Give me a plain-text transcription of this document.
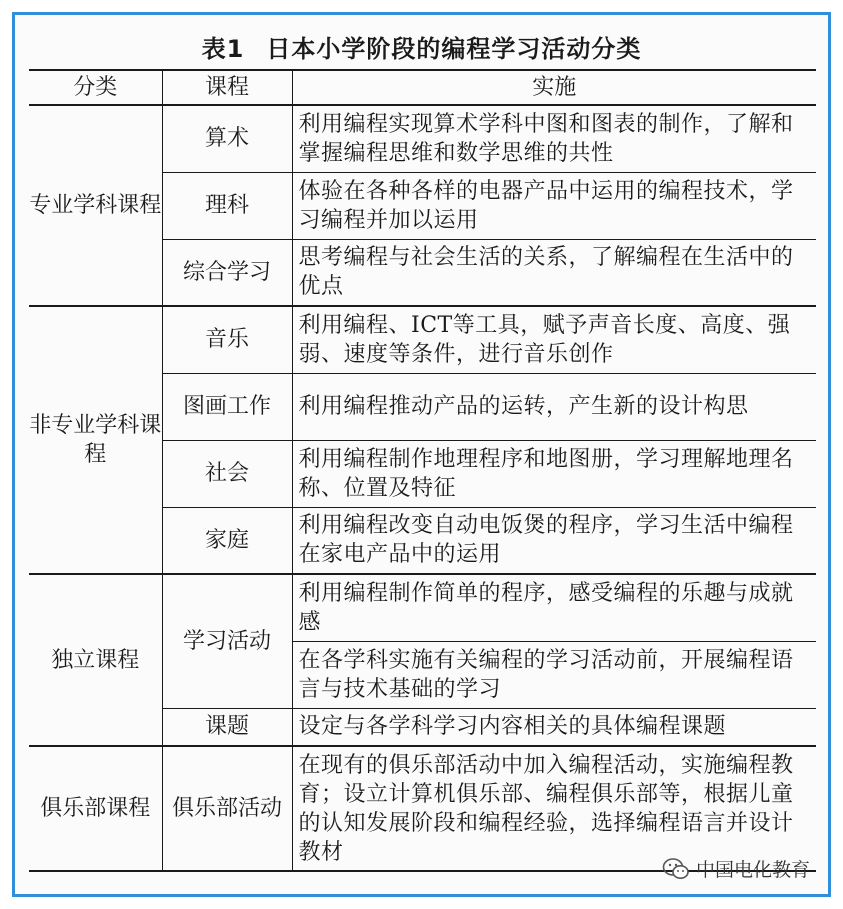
表1 日本小学阶段的编程学习活动分类
分类	课程	实施
专业学科课程	算术	利用编程实现算术学科中图和图表的制作，了解和掌握编程思维和数学思维的共性
	理科	体验在各种各样的电器产品中运用的编程技术，学习编程并加以运用
	综合学习	思考编程与社会生活的关系，了解编程在生活中的优点
非专业学科课程	音乐	利用编程、ICT等工具，赋予声音长度、高度、强弱、速度等条件，进行音乐创作
	图画工作	利用编程推动产品的运转，产生新的设计构思
	社会	利用编程制作地理程序和地图册，学习理解地理名称、位置及特征
	家庭	利用编程改变自动电饭煲的程序，学习生活中编程在家电产品中的运用
独立课程	学习活动	利用编程制作简单的程序，感受编程的乐趣与成就感
		在各学科实施有关编程的学习活动前，开展编程语言与技术基础的学习
	课题	设定与各学科学习内容相关的具体编程课题
俱乐部课程	俱乐部活动	在现有的俱乐部活动中加入编程活动，实施编程教育；设立计算机俱乐部、编程俱乐部等，根据儿童的认知发展阶段和编程经验，选择编程语言并设计教材
中国电化教育
